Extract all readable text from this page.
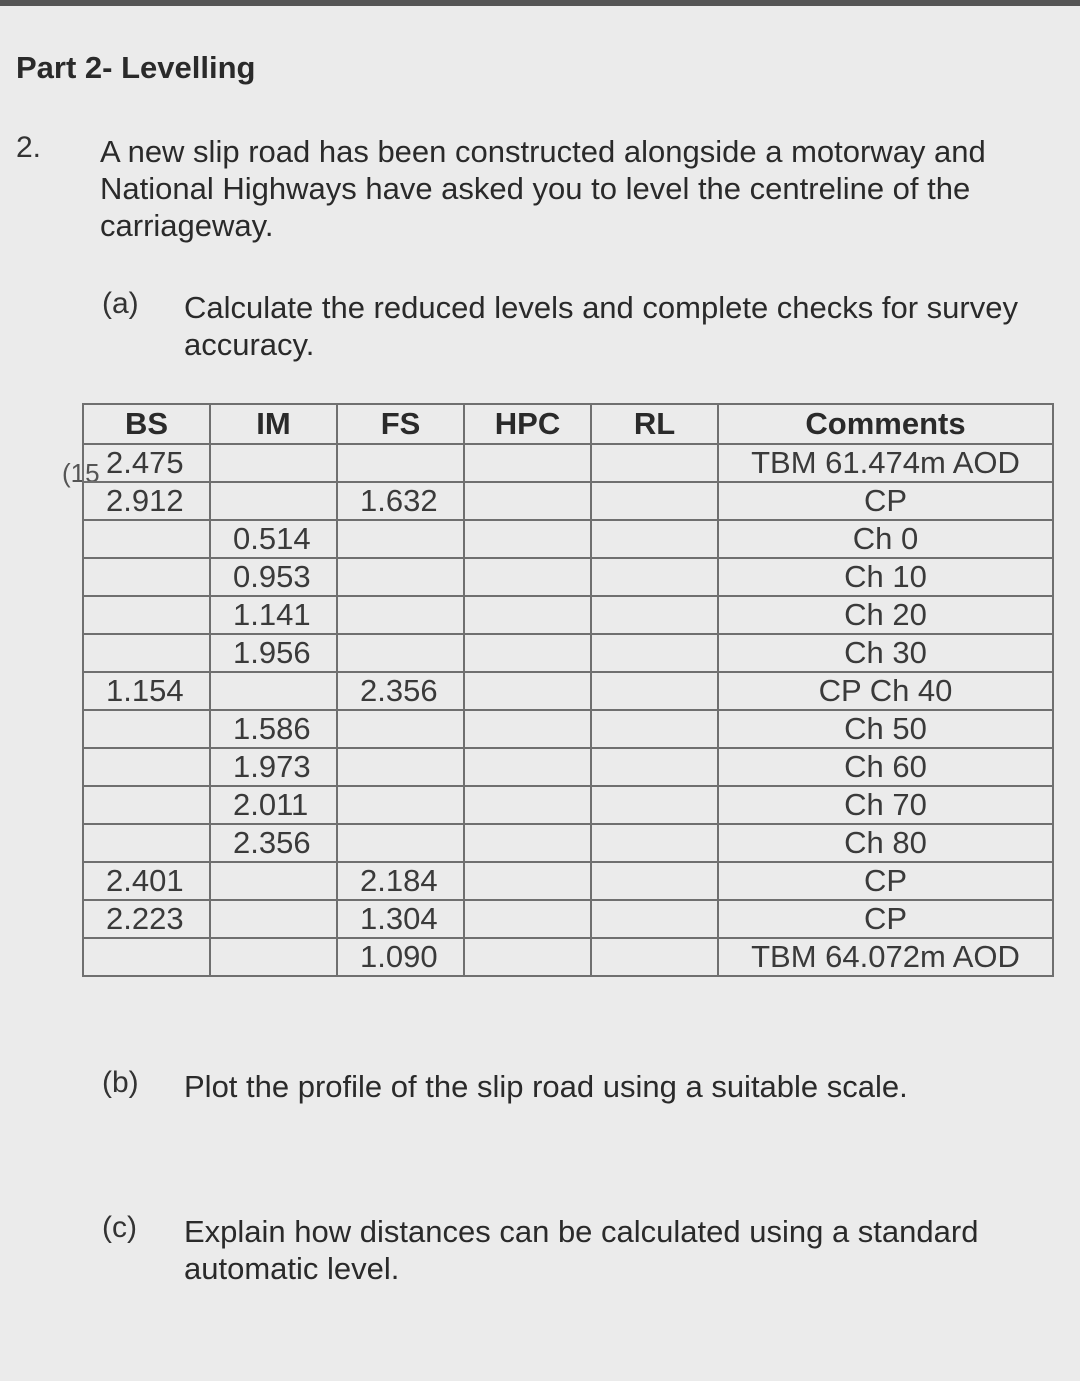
Part 2- Levelling
2. A new slip road has been constructed alongside a motorway and National Highways have asked you to level the centreline of the carriageway.
(a) Calculate the reduced levels and complete checks for survey accuracy.
(15
BS	IM	FS	HPC	RL	Comments
2.475					TBM 61.474m AOD
2.912		1.632			CP
	0.514				Ch 0
	0.953				Ch 10
	1.141				Ch 20
	1.956				Ch 30
1.154		2.356			CP Ch 40
	1.586				Ch 50
	1.973				Ch 60
	2.011				Ch 70
	2.356				Ch 80
2.401		2.184			CP
2.223		1.304			CP
		1.090			TBM 64.072m AOD
(b) Plot the profile of the slip road using a suitable scale.
(c) Explain how distances can be calculated using a standard automatic level.
